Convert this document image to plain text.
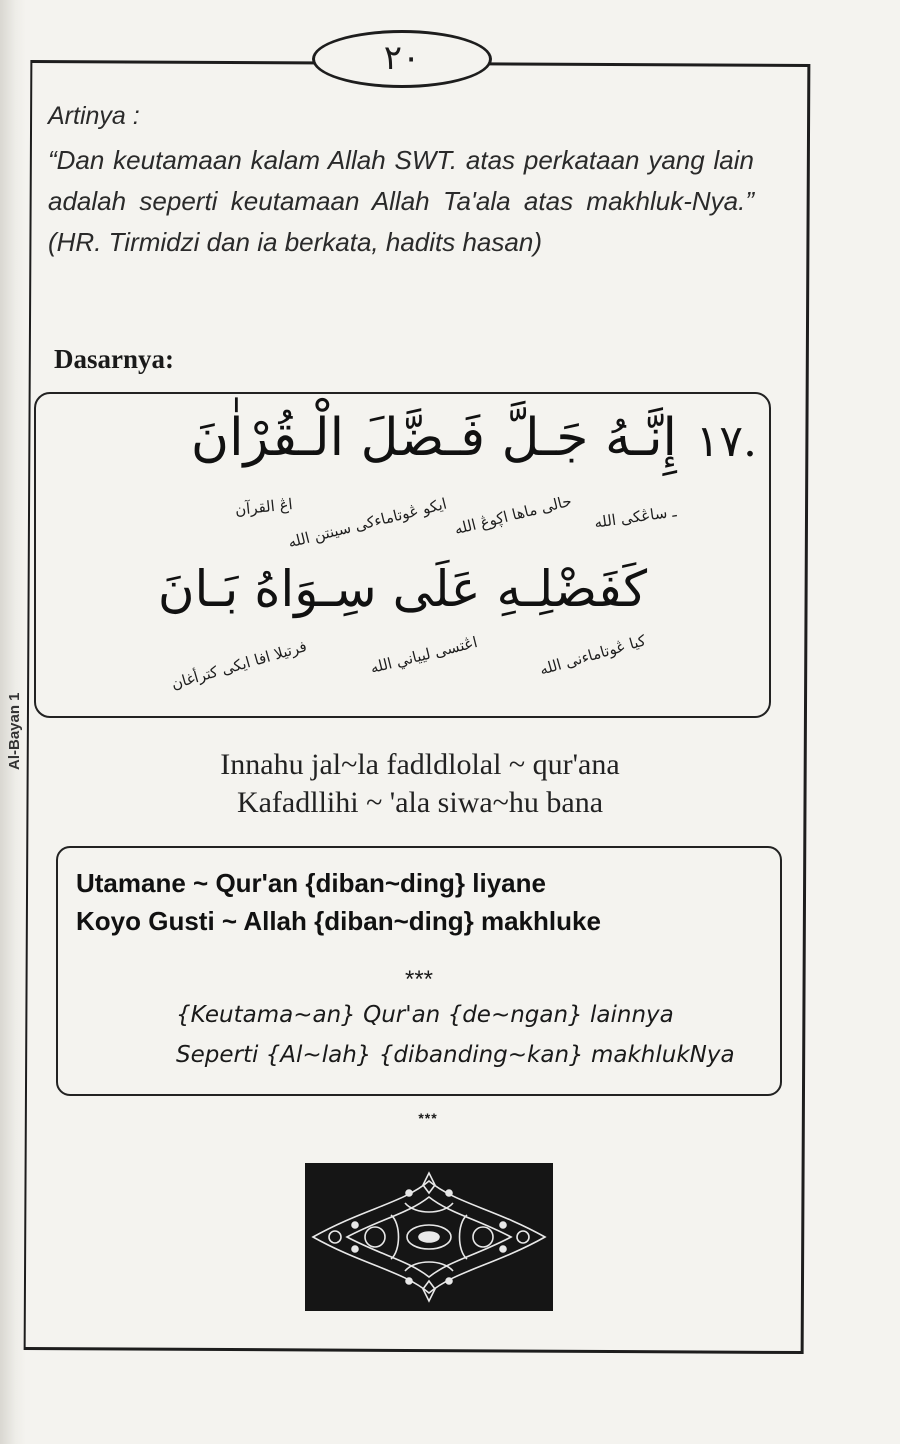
Al-Bayan 1
٢٠
Artinya :

“Dan keutamaan kalam Allah SWT. atas perkataan yang lain adalah seperti keutamaan Allah Ta'ala atas makhluk-Nya.” (HR. Tirmidzi dan ia berkata, hadits hasan)

Dasarnya:
.١٧
إِنَّـهُ جَـلَّ فَـضَّلَ الْـقُرْاٰنَ
ـ ساڠكى الله
حالى ماها اڮوڠ الله
ايكو ڠوتاماءكى سينتن الله
اڠ القرآن
كَفَضْلِـهِ عَلَى سِـوَاهُ بَـانَ
كيا ڠوتاماءنى الله
اڠتسى ليياني الله
فرتيلا افا ايكى كترأغان
Innahu jal~la fadldlolal ~ qur'ana
Kafadllihi ~ 'ala siwa~hu bana
Utamane ~ Qur'an {diban~ding} liyane
Koyo Gusti ~ Allah {diban~ding} makhluke
***
{Keutama~an} Qur'an {de~ngan} lainnya
Seperti {Al~lah} {dibanding~kan} makhlukNya
***
